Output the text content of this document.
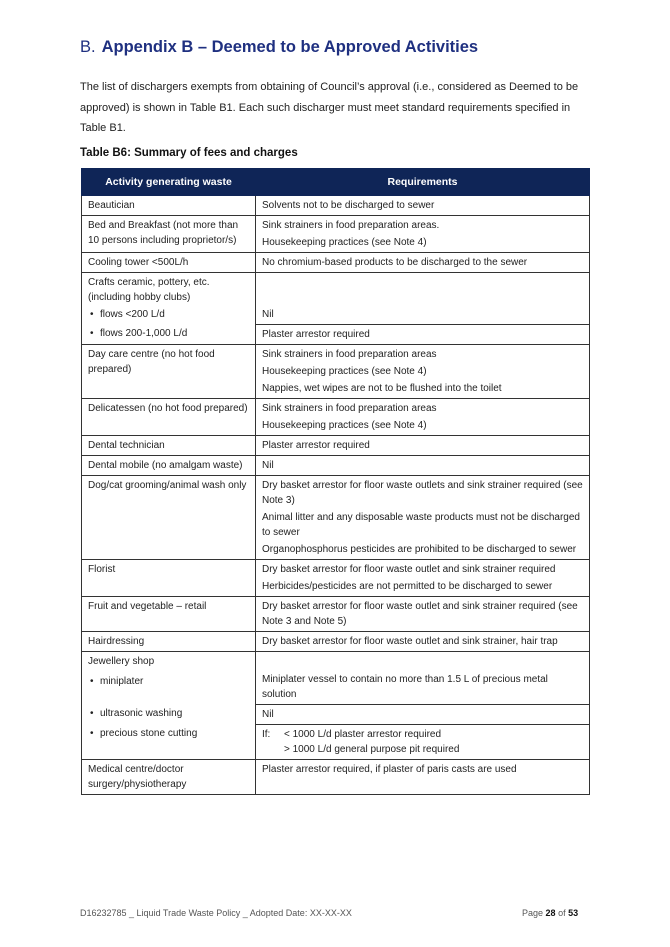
B. Appendix B – Deemed to be Approved Activities
The list of dischargers exempts from obtaining of Council’s approval (i.e., considered as Deemed to be approved) is shown in Table B1. Each such discharger must meet standard requirements specified in Table B1.
Table B6: Summary of fees and charges
Activity generating waste	Requirements
Beautician	Solvents not to be discharged to sewer

Bed and Breakfast (not more than 10 persons including proprietor/s)	Sink strainers in food preparation areas.
Housekeeping practices (see Note 4)

Cooling tower <500L/h	No chromium-based products to be discharged to the sewer

Crafts ceramic, pottery, etc. (including hobby clubs)
• flows <200 L/d	Nil

• flows 200-1,000 L/d	Plaster arrestor required

Day care centre (no hot food prepared)	Sink strainers in food preparation areas
Housekeeping practices (see Note 4)
Nappies, wet wipes are not to be flushed into the toilet

Delicatessen (no hot food prepared)	Sink strainers in food preparation areas
Housekeeping practices (see Note 4)

Dental technician	Plaster arrestor required

Dental mobile (no amalgam waste)	Nil

Dog/cat grooming/animal wash only	Dry basket arrestor for floor waste outlets and sink strainer required (see Note 3)
Animal litter and any disposable waste products must not be discharged to sewer
Organophosphorus pesticides are prohibited to be discharged to sewer

Florist	Dry basket arrestor for floor waste outlet and sink strainer required
Herbicides/pesticides are not permitted to be discharged to sewer

Fruit and vegetable – retail	Dry basket arrestor for floor waste outlet and sink strainer required (see Note 3 and Note 5)

Hairdressing	Dry basket arrestor for floor waste outlet and sink strainer, hair trap

Jewellery shop
• miniplater	Miniplater vessel to contain no more than 1.5 L of precious metal solution

• ultrasonic washing	Nil

• precious stone cutting	If: < 1000 L/d plaster arrestor required
> 1000 L/d general purpose pit required

Medical centre/doctor surgery/physiotherapy	Plaster arrestor required, if plaster of paris casts are used
D16232785 _ Liquid Trade Waste Policy _ Adopted Date: XX-XX-XX	Page 28 of 53
